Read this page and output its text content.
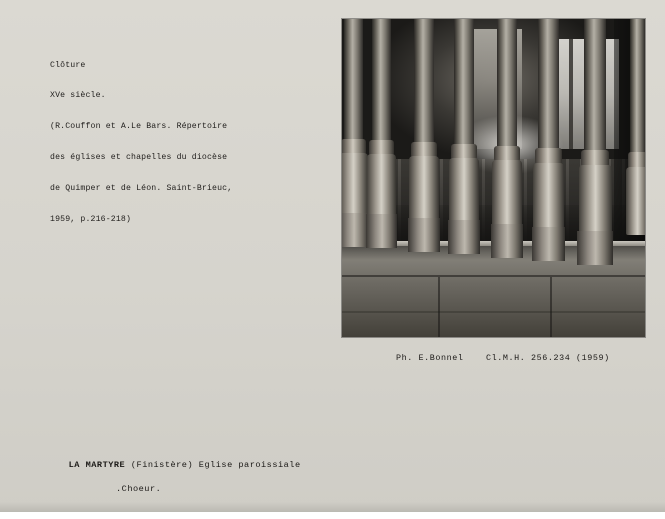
Clôture

XVe siècle.

(R.Couffon et A.Le Bars. Répertoire

des églises et chapelles du diocèse

de Quimper et de Léon. Saint-Brieuc,

1959, p.216-218)

Ph. E.Bonnel    Cl.M.H. 256.234 (1959)

LA MARTYRE (Finistère) Eglise paroissiale

.Choeur.
